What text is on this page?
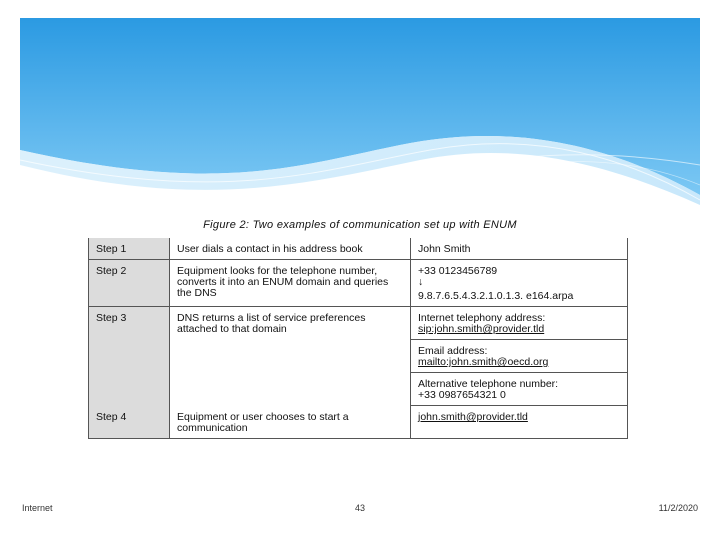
Figure 2: Two examples of communication set up with ENUM
Step 1	User dials a contact in his address book	John Smith

Step 2	Equipment looks for the telephone number, converts it into an ENUM domain and queries the DNS	+33 0123456789
↓
9.8.7.6.5.4.3.2.1.0.1.3. e164.arpa

Step 3	DNS returns a list of service preferences attached to that domain	Internet telephony address:
sip:john.smith@provider.tld

		Email address:
mailto:john.smith@oecd.org

		Alternative telephone number:
+33 0987654321 0

Step 4	Equipment or user chooses to start a communication	john.smith@provider.tld
Internet	43	11/2/2020
